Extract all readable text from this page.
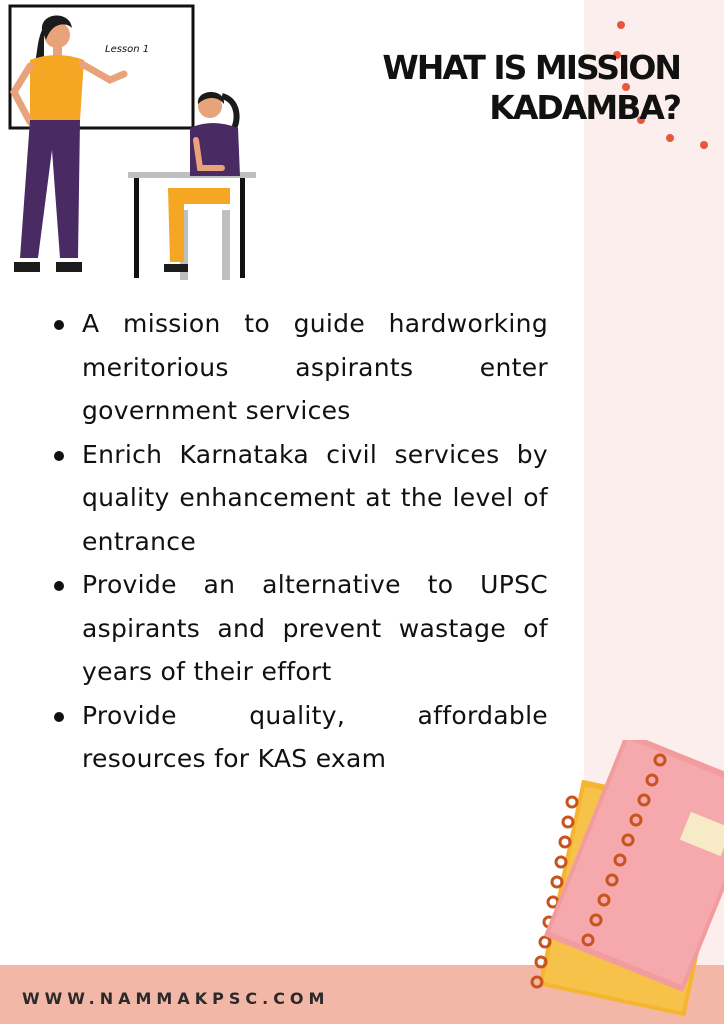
Lesson 1	WHAT IS MISSION
KADAMBA?
A mission to guide hardworking meritorious aspirants enter government services
Enrich Karnataka civil services by quality enhancement at the level of entrance
Provide an alternative to UPSC aspirants and prevent wastage of years of their effort
Provide quality, affordable resources for KAS exam
WWW.NAMMAKPSC.COM
